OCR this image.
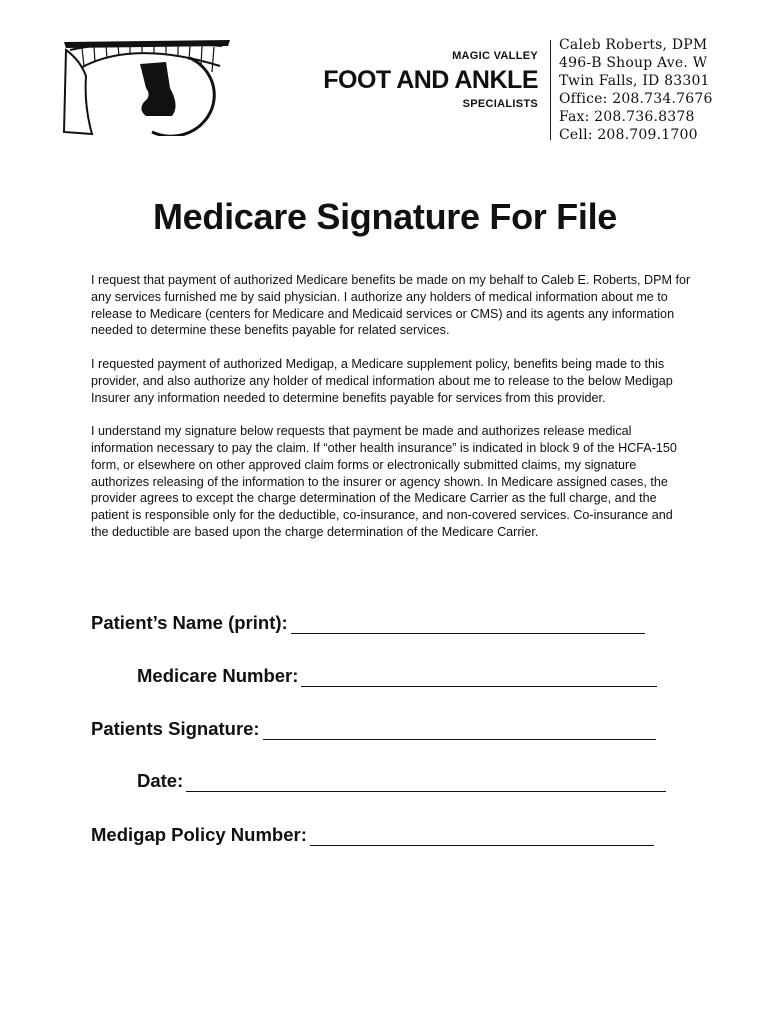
MAGIC VALLEY
FOOT AND ANKLE
SPECIALISTS
Caleb Roberts, DPM
496-B Shoup Ave. W
Twin Falls, ID 83301
Office: 208.734.7676
Fax: 208.736.8378
Cell: 208.709.1700
Medicare Signature For File

I request that payment of authorized Medicare benefits be made on my behalf to Caleb E. Roberts, DPM for any services furnished me by said physician. I authorize any holders of medical information about me to release to Medicare (centers for Medicare and Medicaid services or CMS) and its agents any information needed to determine these benefits payable for related services.

I requested payment of authorized Medigap, a Medicare supplement policy, benefits being made to this provider, and also authorize any holder of medical information about me to release to the below Medigap Insurer any information needed to determine benefits payable for services from this provider.

I understand my signature below requests that payment be made and authorizes release medical information necessary to pay the claim. If “other health insurance” is indicated in block 9 of the HCFA-150 form, or elsewhere on other approved claim forms or electronically submitted claims, my signature authorizes releasing of the information to the insurer or agency shown. In Medicare assigned cases, the provider agrees to except the charge determination of the Medicare Carrier as the full charge, and the patient is responsible only for the deductible, co-insurance, and non-covered services. Co-insurance and the deductible are based upon the charge determination of the Medicare Carrier.

Patient’s Name (print):
Medicare Number:
Patients Signature:
Date:
Medigap Policy Number:
